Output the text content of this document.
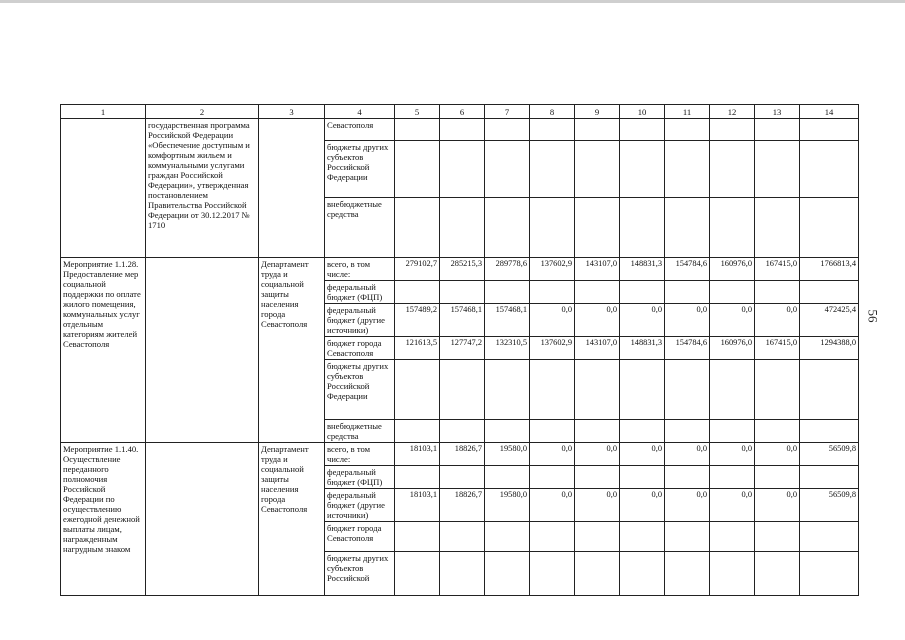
1	2	3	4	5	6	7	8	9	10	11	12	13	14
	государственная программа Российской Федерации «Обеспечение доступным и комфортным жильем и коммунальными услугами граждан Российской Федерации», утвержденная постановлением Правительства Российской Федерации от 30.12.2017 № 1710		Севастополя										
			бюджеты других субъектов Российской Федерации										
			внебюджетные средства										
Мероприятие 1.1.28. Предоставление мер социальной поддержки по оплате жилого помещения, коммунальных услуг отдельным категориям жителей Севастополя		Департамент труда и социальной защиты населения города Севастополя	всего, в том числе:	279102,7	285215,3	289778,6	137602,9	143107,0	148831,3	154784,6	160976,0	167415,0	1766813,4
			федеральный бюджет (ФЦП)										
			федеральный бюджет (другие источники)	157489,2	157468,1	157468,1	0,0	0,0	0,0	0,0	0,0	0,0	472425,4
			бюджет города Севастополя	121613,5	127747,2	132310,5	137602,9	143107,0	148831,3	154784,6	160976,0	167415,0	1294388,0
			бюджеты других субъектов Российской Федерации										
			внебюджетные средства										
Мероприятие 1.1.40. Осуществление переданного полномочия Российской Федерации по осуществлению ежегодной денежной выплаты лицам, награжденным нагрудным знаком		Департамент труда и социальной защиты населения города Севастополя	всего, в том числе:	18103,1	18826,7	19580,0	0,0	0,0	0,0	0,0	0,0	0,0	56509,8
			федеральный бюджет (ФЦП)										
			федеральный бюджет (другие источники)	18103,1	18826,7	19580,0	0,0	0,0	0,0	0,0	0,0	0,0	56509,8
			бюджет города Севастополя										
			бюджеты других субъектов Российской										
56
